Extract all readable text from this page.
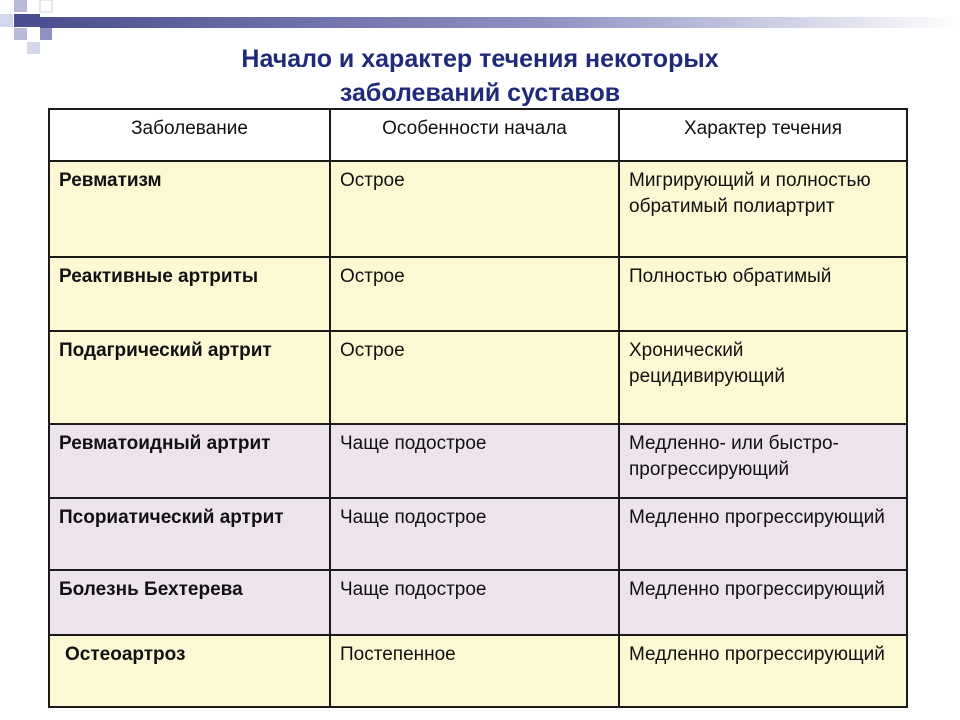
Начало и характер течения некоторых
заболеваний суставов
Заболевание	Особенности начала	Характер течения

Ревматизм	Острое	Мигрирующий и полностью обратимый полиартрит

Реактивные артриты	Острое	Полностью обратимый

Подагрический артрит	Острое	Хронический рецидивирующий

Ревматоидный артрит	Чаще подострое	Медленно- или быстро-прогрессирующий

Псориатический артрит	Чаще подострое	Медленно прогрессирующий

Болезнь Бехтерева	Чаще подострое	Медленно прогрессирующий

Остеоартроз	Постепенное	Медленно прогрессирующий
